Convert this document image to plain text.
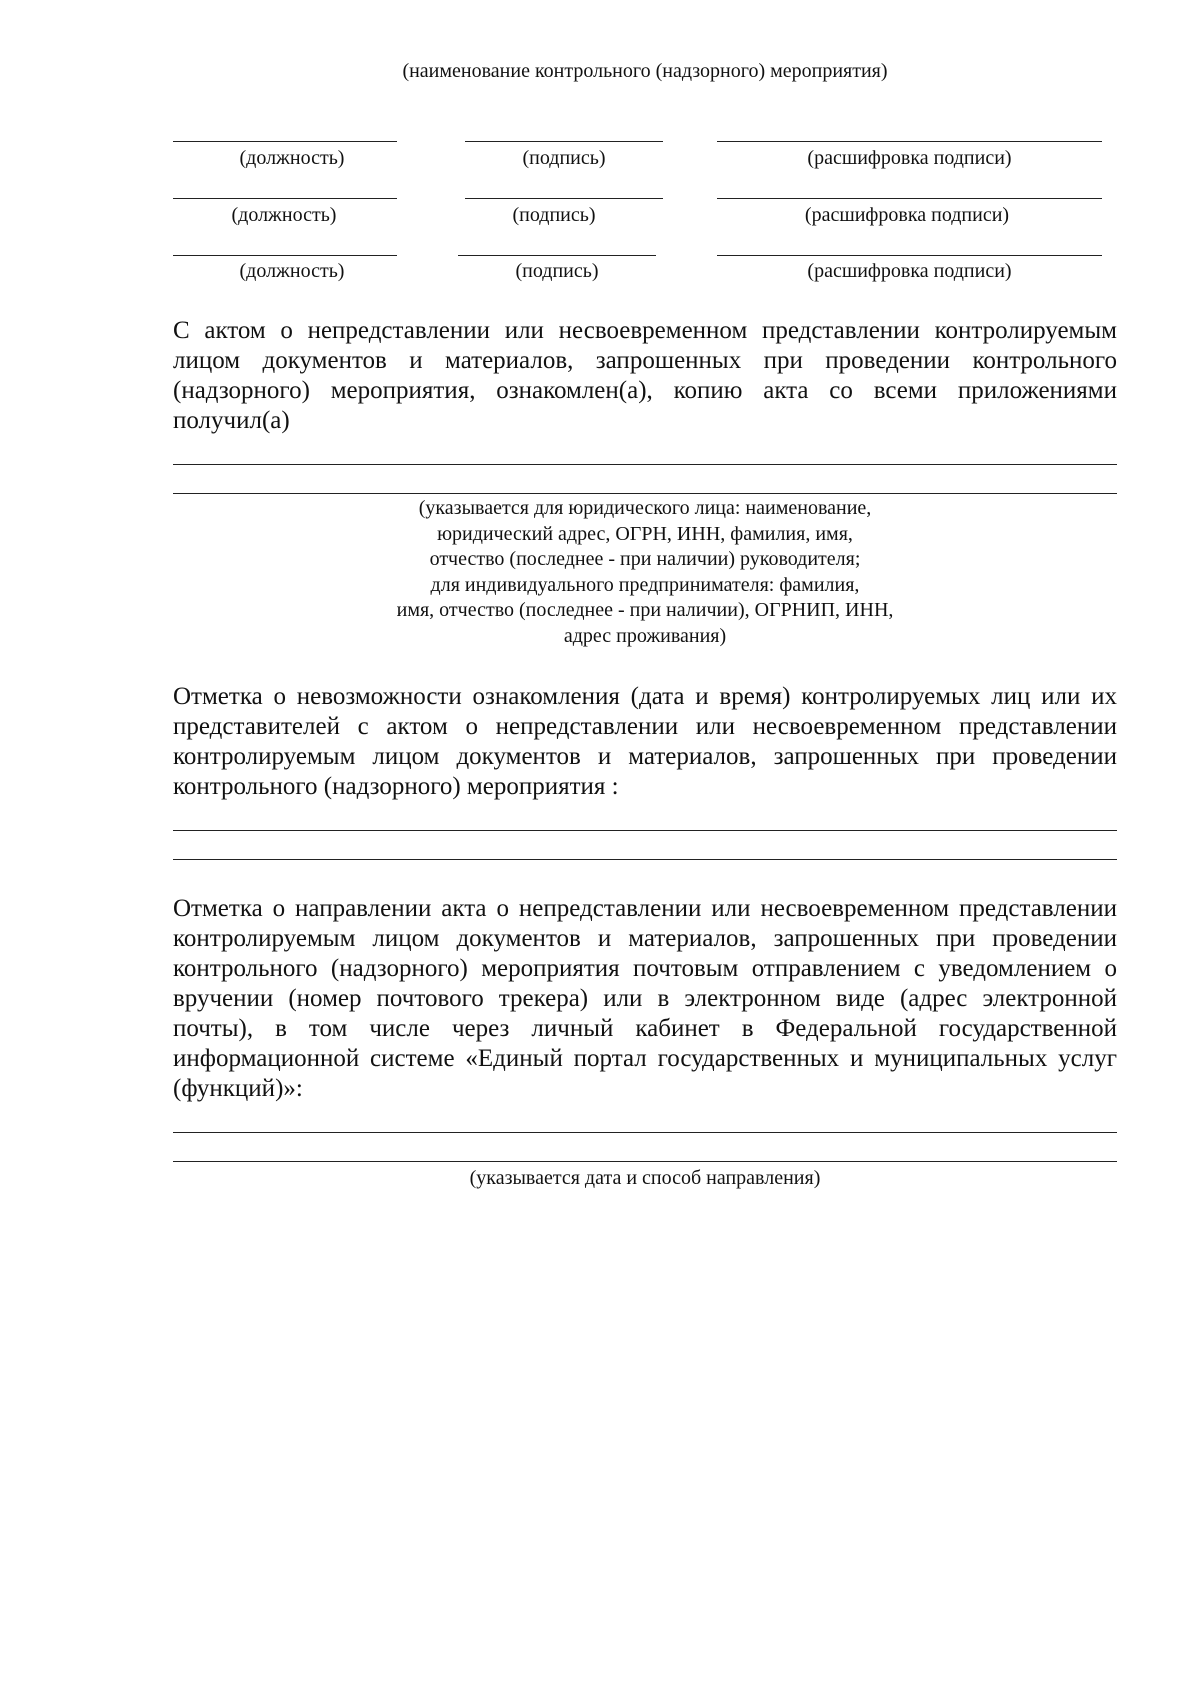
(наименование контрольного (надзорного) мероприятия)
(должность)	(подпись)	(расшифровка подписи)
(должность)	(подпись)	(расшифровка подписи)
(должность)	(подпись)	(расшифровка подписи)
С актом о непредставлении или несвоевременном представлении контролируемым лицом документов и материалов, запрошенных при проведении контрольного (надзорного) мероприятия, ознакомлен(а), копию акта со всеми приложениями получил(а)
(указывается для юридического лица: наименование,
юридический адрес, ОГРН, ИНН, фамилия, имя,
отчество (последнее - при наличии) руководителя;
для индивидуального предпринимателя: фамилия,
имя, отчество (последнее - при наличии), ОГРНИП, ИНН,
адрес проживания)
Отметка о невозможности ознакомления (дата и время) контролируемых лиц или их представителей с актом о непредставлении или несвоевременном представлении контролируемым лицом документов и материалов, запрошенных при проведении контрольного (надзорного) мероприятия :
Отметка о направлении акта о непредставлении или несвоевременном представлении контролируемым лицом документов и материалов, запрошенных при проведении контрольного (надзорного) мероприятия почтовым отправлением с уведомлением о вручении (номер почтового трекера) или в электронном виде (адрес электронной почты), в том числе через личный кабинет в Федеральной государственной информационной системе «Единый портал государственных и муниципальных услуг (функций)»:
(указывается дата и способ направления)
